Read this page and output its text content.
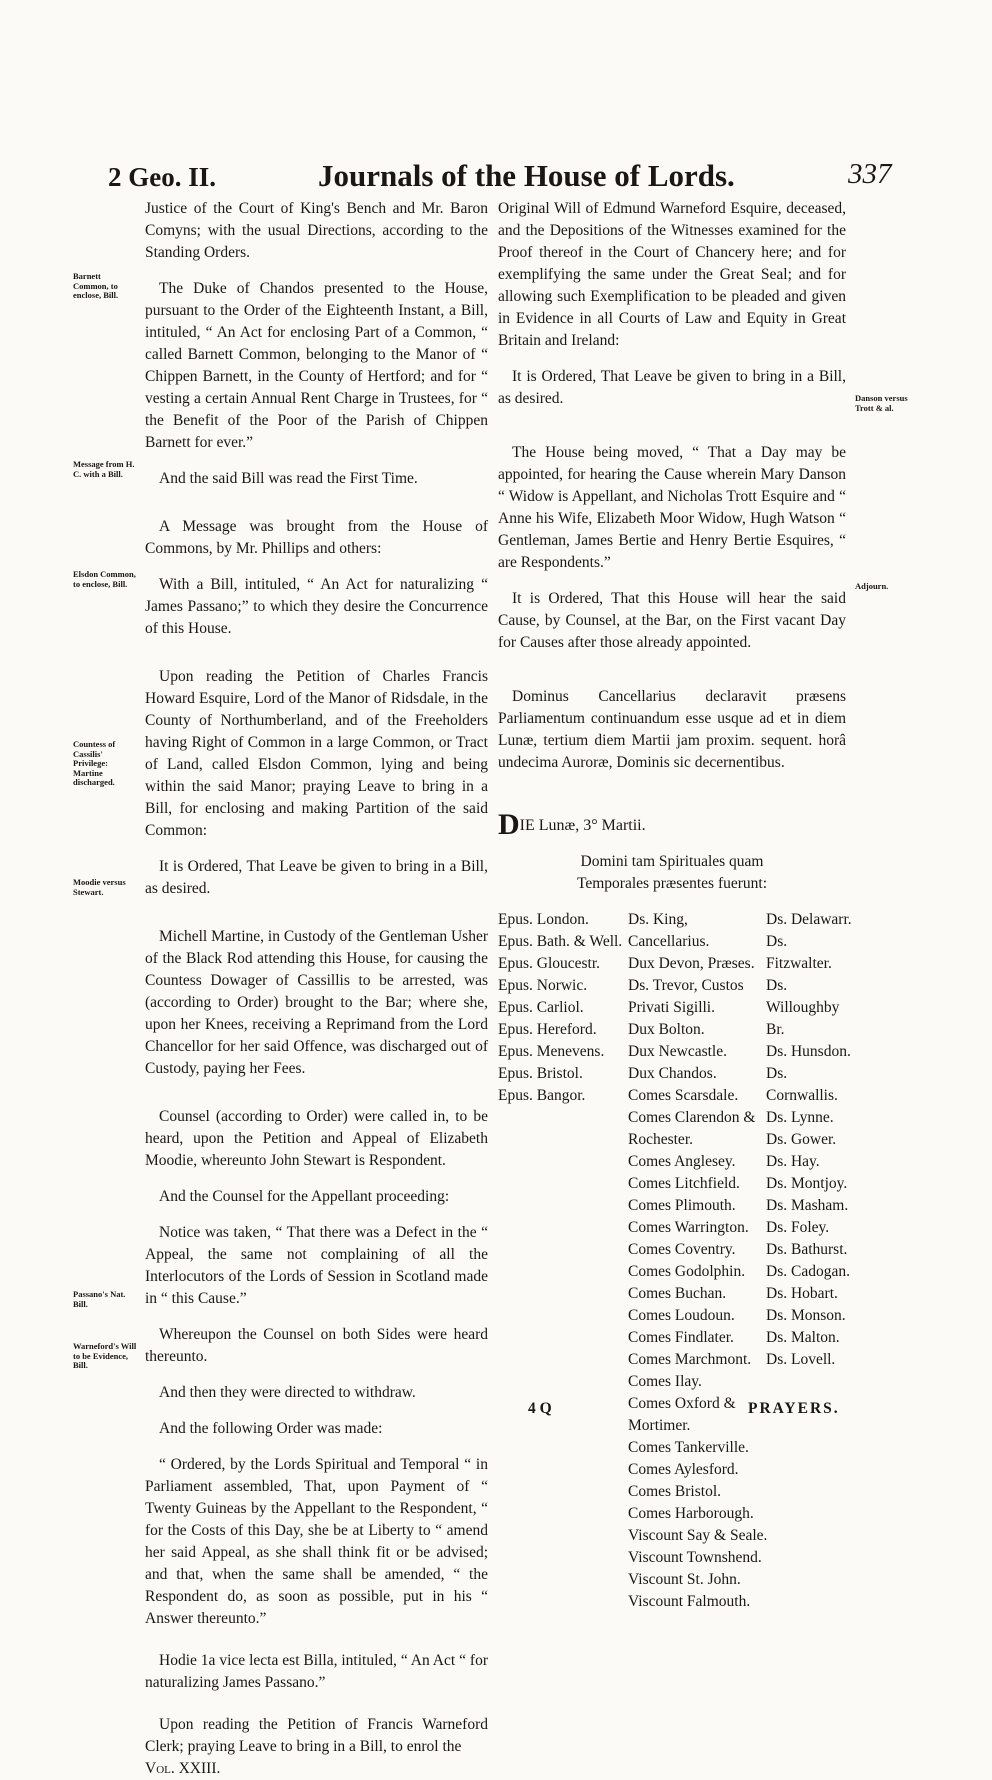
2 Geo. II.	Journals of the House of Lords.	337
Barnett Common, to enclose, Bill.
Message from H. C. with a Bill.
Elsdon Common, to enclose, Bill.
Countess of Cassilis' Privilege: Martine discharged.
Moodie versus Stewart.
Passano's Nat. Bill.
Warneford's Will to be Evidence, Bill.
Danson versus Trott & al.
Adjourn.

Justice of the Court of King's Bench and Mr. Baron Comyns; with the usual Directions, according to the Standing Orders.

The Duke of Chandos presented to the House, pursuant to the Order of the Eighteenth Instant, a Bill, intituled, “ An Act for enclosing Part of a Common, “ called Barnett Common, belonging to the Manor of “ Chippen Barnett, in the County of Hertford; and for “ vesting a certain Annual Rent Charge in Trustees, for “ the Benefit of the Poor of the Parish of Chippen Barnett for ever.”

And the said Bill was read the First Time.

A Message was brought from the House of Commons, by Mr. Phillips and others:

With a Bill, intituled, “ An Act for naturalizing “ James Passano;” to which they desire the Concurrence of this House.

Upon reading the Petition of Charles Francis Howard Esquire, Lord of the Manor of Ridsdale, in the County of Northumberland, and of the Freeholders having Right of Common in a large Common, or Tract of Land, called Elsdon Common, lying and being within the said Manor; praying Leave to bring in a Bill, for enclosing and making Partition of the said Common:

It is Ordered, That Leave be given to bring in a Bill, as desired.

Michell Martine, in Custody of the Gentleman Usher of the Black Rod attending this House, for causing the Countess Dowager of Cassillis to be arrested, was (according to Order) brought to the Bar; where she, upon her Knees, receiving a Reprimand from the Lord Chancellor for her said Offence, was discharged out of Custody, paying her Fees.

Counsel (according to Order) were called in, to be heard, upon the Petition and Appeal of Elizabeth Moodie, whereunto John Stewart is Respondent.

And the Counsel for the Appellant proceeding:

Notice was taken, “ That there was a Defect in the “ Appeal, the same not complaining of all the Interlocutors of the Lords of Session in Scotland made in “ this Cause.”

Whereupon the Counsel on both Sides were heard thereunto.

And then they were directed to withdraw.

And the following Order was made:

“ Ordered, by the Lords Spiritual and Temporal “ in Parliament assembled, That, upon Payment of “ Twenty Guineas by the Appellant to the Respondent, “ for the Costs of this Day, she be at Liberty to “ amend her said Appeal, as she shall think fit or be advised; and that, when the same shall be amended, “ the Respondent do, as soon as possible, put in his “ Answer thereunto.”

Hodie 1a vice lecta est Billa, intituled, “ An Act “ for naturalizing James Passano.”

Upon reading the Petition of Francis Warneford Clerk; praying Leave to bring in a Bill, to enrol the

Vol. XXIII.

Original Will of Edmund Warneford Esquire, deceased, and the Depositions of the Witnesses examined for the Proof thereof in the Court of Chancery here; and for exemplifying the same under the Great Seal; and for allowing such Exemplification to be pleaded and given in Evidence in all Courts of Law and Equity in Great Britain and Ireland:

It is Ordered, That Leave be given to bring in a Bill, as desired.

The House being moved, “ That a Day may be appointed, for hearing the Cause wherein Mary Danson “ Widow is Appellant, and Nicholas Trott Esquire and “ Anne his Wife, Elizabeth Moor Widow, Hugh Watson “ Gentleman, James Bertie and Henry Bertie Esquires, “ are Respondents.”

It is Ordered, That this House will hear the said Cause, by Counsel, at the Bar, on the First vacant Day for Causes after those already appointed.

Dominus Cancellarius declaravit præsens Parliamentum continuandum esse usque ad et in diem Lunæ, tertium diem Martii jam proxim. sequent. horâ undecima Auroræ, Dominis sic decernentibus.

DIE Lunæ, 3° Martii.

Domini tam Spirituales quam Temporales præsentes fuerunt:

Epus. London.

Epus. Bath. & Well.

Epus. Gloucestr.

Epus. Norwic.

Epus. Carliol.

Epus. Hereford.

Epus. Menevens.

Epus. Bristol.

Epus. Bangor.

Ds. King, Cancellarius.

Dux Devon, Præses.

Ds. Trevor, Custos Privati Sigilli.

Dux Bolton.

Dux Newcastle.

Dux Chandos.

Comes Scarsdale.

Comes Clarendon & Rochester.

Comes Anglesey.

Comes Litchfield.

Comes Plimouth.

Comes Warrington.

Comes Coventry.

Comes Godolphin.

Comes Buchan.

Comes Loudoun.

Comes Findlater.

Comes Marchmont.

Comes Ilay.

Comes Oxford & Mortimer.

Comes Tankerville.

Comes Aylesford.

Comes Bristol.

Comes Harborough.

Viscount Say & Seale.

Viscount Townshend.

Viscount St. John.

Viscount Falmouth.

Ds. Delawarr.

Ds. Fitzwalter.

Ds. Willoughby Br.

Ds. Hunsdon.

Ds. Cornwallis.

Ds. Lynne.

Ds. Gower.

Ds. Hay.

Ds. Montjoy.

Ds. Masham.

Ds. Foley.

Ds. Bathurst.

Ds. Cadogan.

Ds. Hobart.

Ds. Monson.

Ds. Malton.

Ds. Lovell.

4 Q	PRAYERS.
